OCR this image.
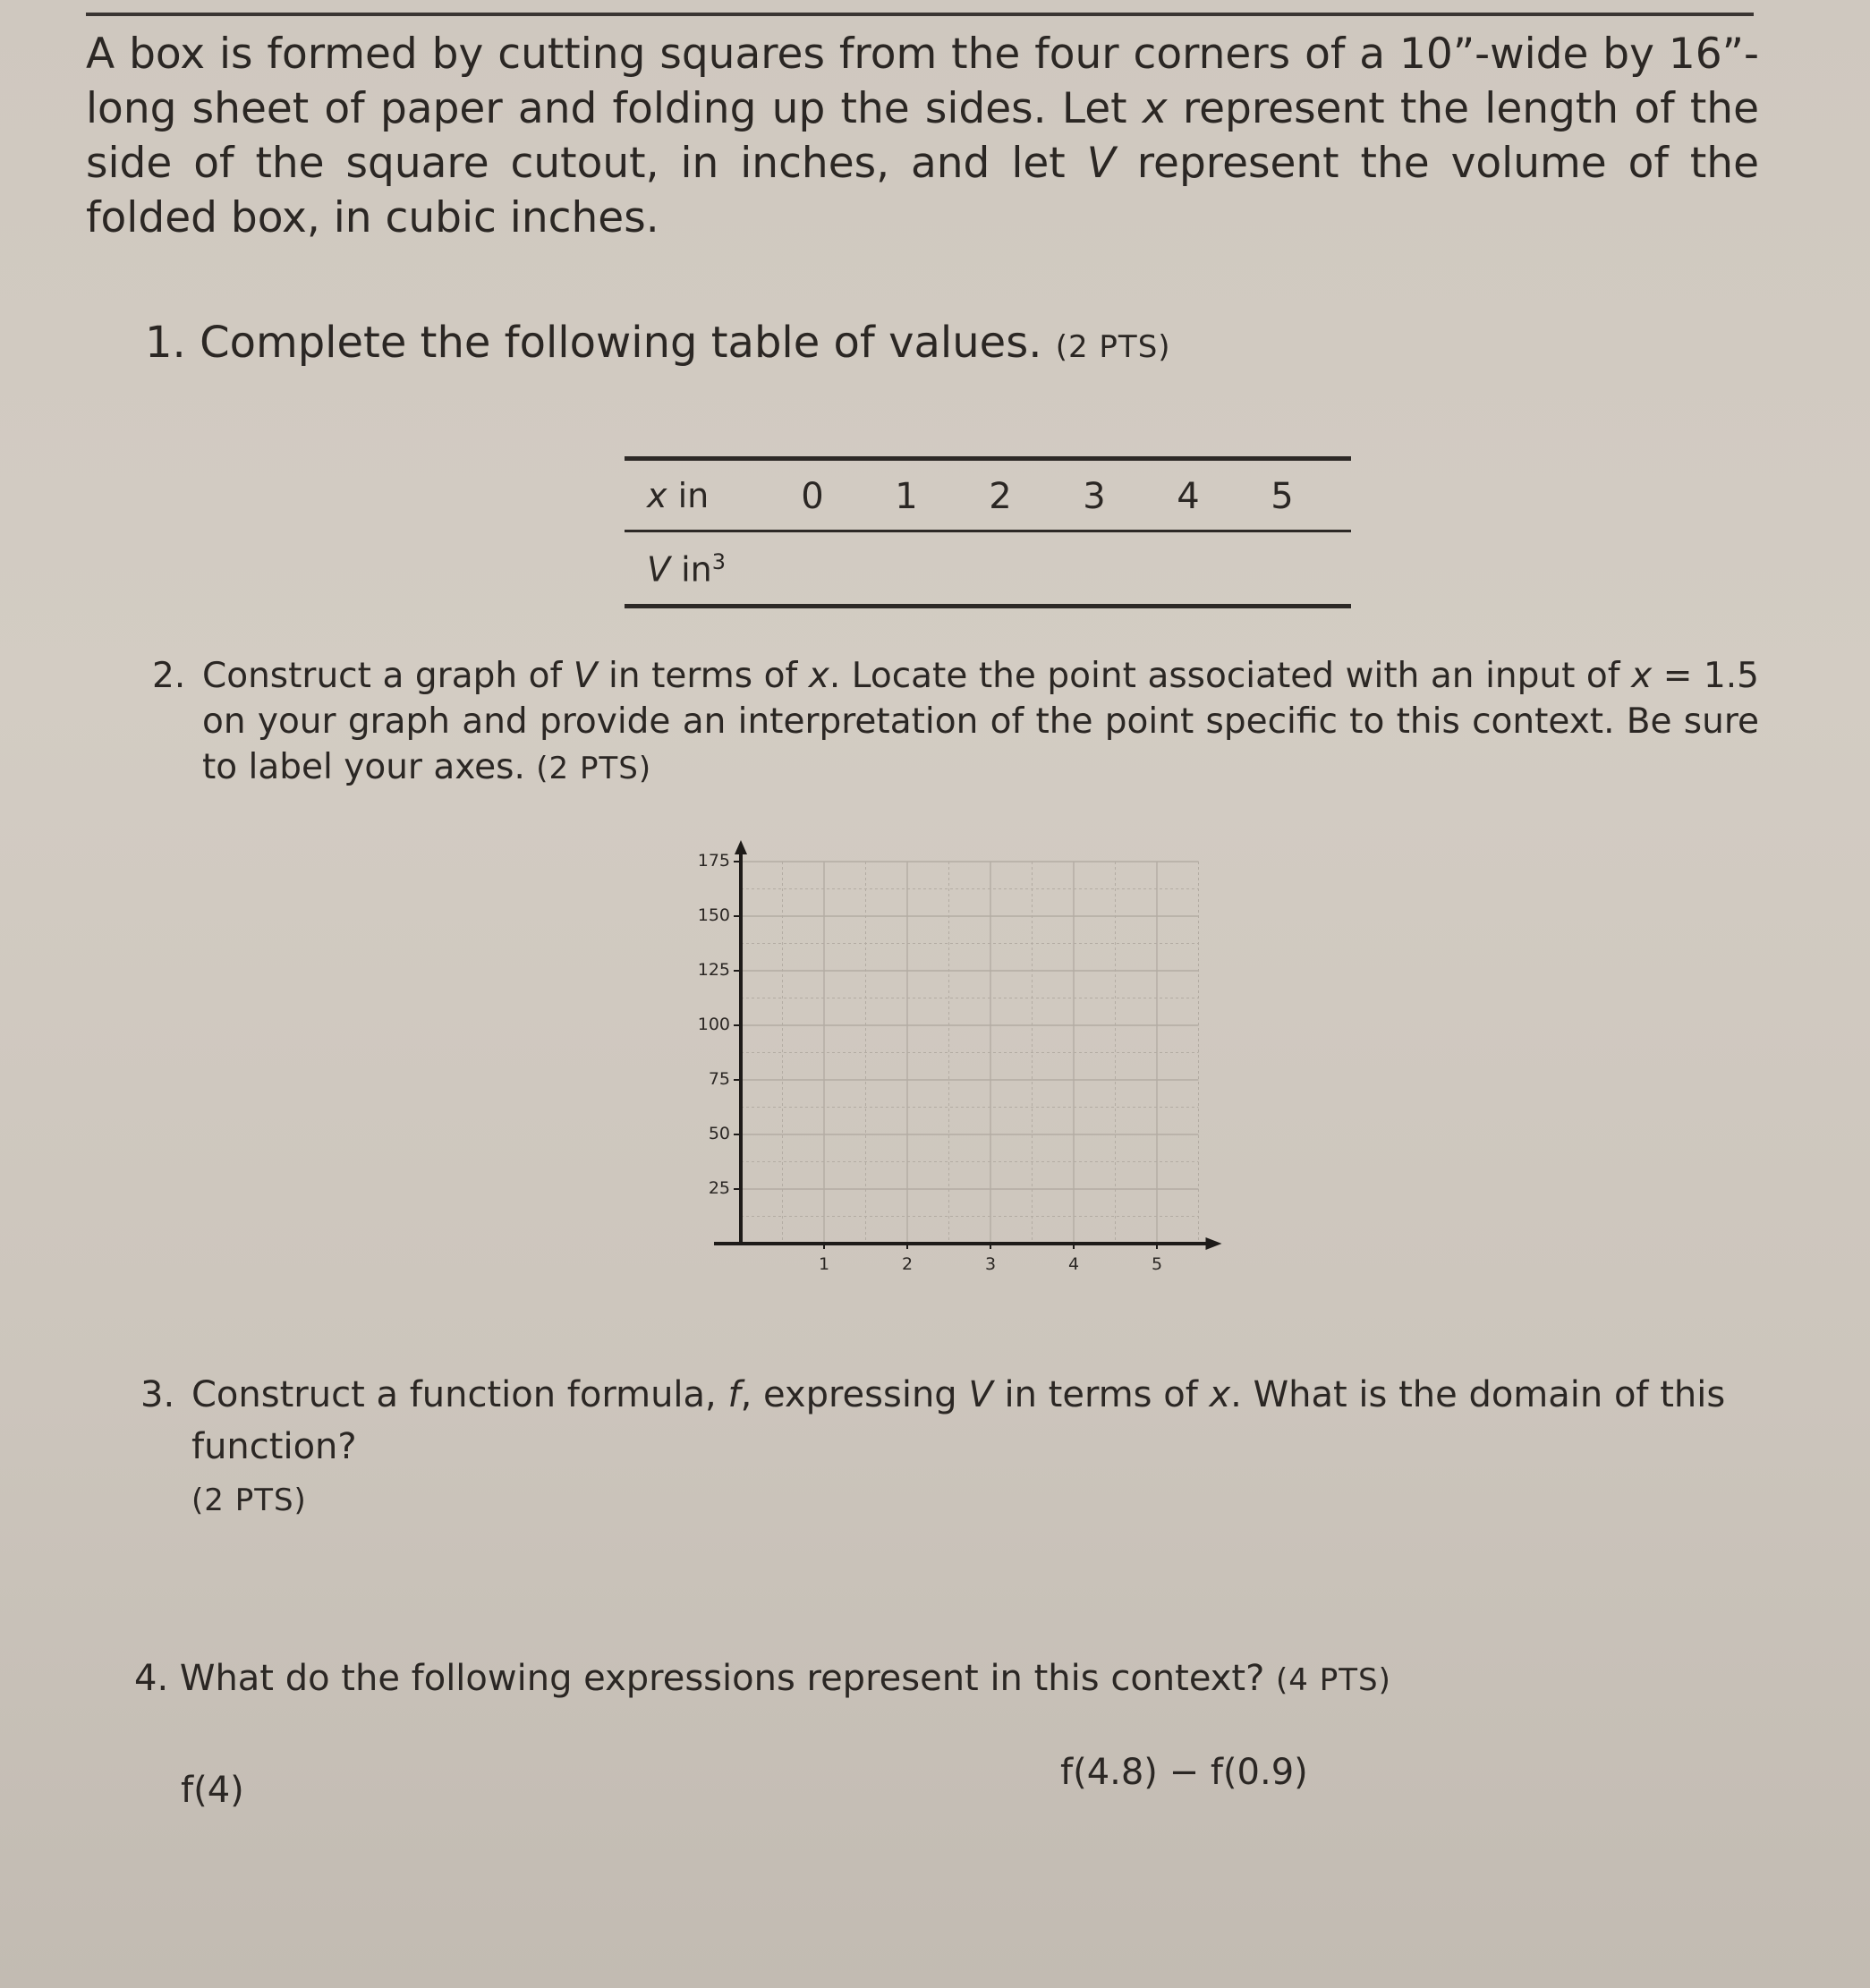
A box is formed by cutting squares from the four corners of a 10”-wide by 16”-long sheet of paper and folding up the sides. Let x represent the length of the side of the square cutout, in inches, and let V represent the volume of the folded box, in cubic inches.

1. Complete the following table of values. (2 PTS)

x in	0	1	2	3	4	5
V $in^3$
2. Construct a graph of V in terms of x. Locate the point associated with an input of x = 1.5 on your graph and provide an interpretation of the point specific to this context. Be sure to label your axes. (2 PTS)
25
50
75
100
125
150
175
1	2	3	4	5
3. Construct a function formula, f, expressing V in terms of x. What is the domain of this function?
(2 PTS)

4. What do the following expressions represent in this context? (4 PTS)

f(4)	f(4.8) − f(0.9)
